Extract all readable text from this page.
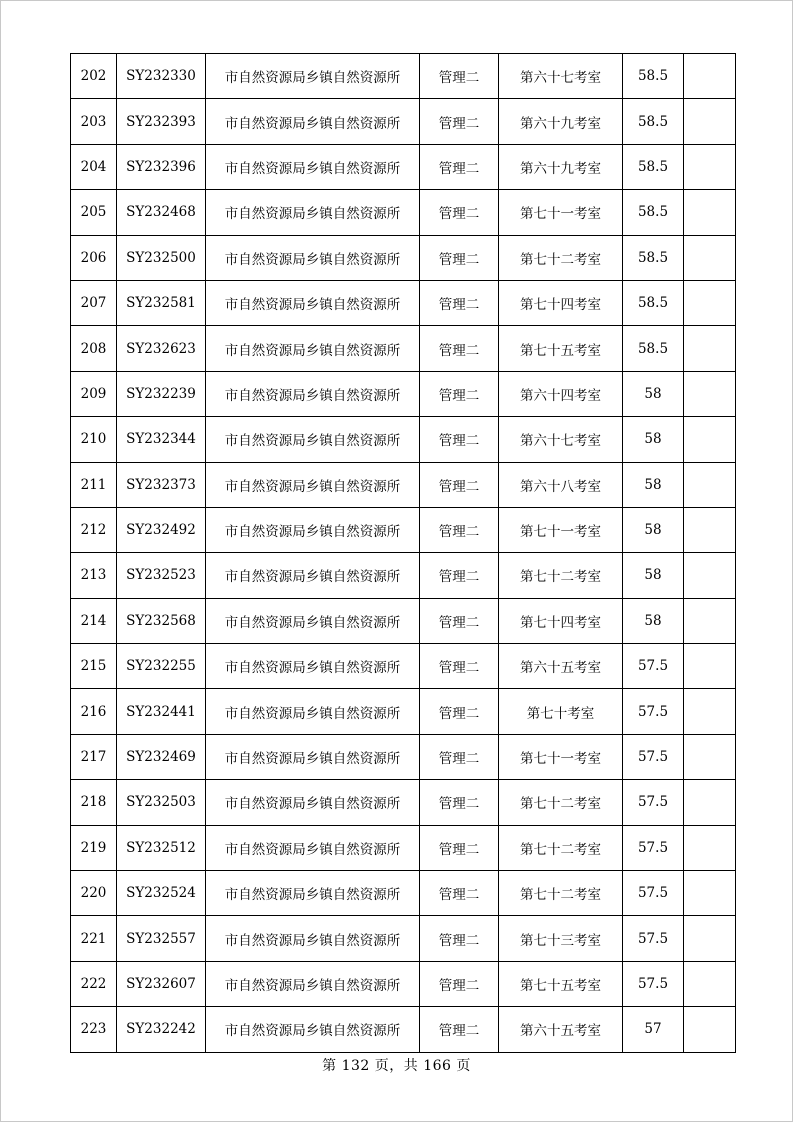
202	SY232330	市自然资源局乡镇自然资源所	管理二	第六十七考室	58.5	
203	SY232393	市自然资源局乡镇自然资源所	管理二	第六十九考室	58.5	
204	SY232396	市自然资源局乡镇自然资源所	管理二	第六十九考室	58.5	
205	SY232468	市自然资源局乡镇自然资源所	管理二	第七十一考室	58.5	
206	SY232500	市自然资源局乡镇自然资源所	管理二	第七十二考室	58.5	
207	SY232581	市自然资源局乡镇自然资源所	管理二	第七十四考室	58.5	
208	SY232623	市自然资源局乡镇自然资源所	管理二	第七十五考室	58.5	
209	SY232239	市自然资源局乡镇自然资源所	管理二	第六十四考室	58	
210	SY232344	市自然资源局乡镇自然资源所	管理二	第六十七考室	58	
211	SY232373	市自然资源局乡镇自然资源所	管理二	第六十八考室	58	
212	SY232492	市自然资源局乡镇自然资源所	管理二	第七十一考室	58	
213	SY232523	市自然资源局乡镇自然资源所	管理二	第七十二考室	58	
214	SY232568	市自然资源局乡镇自然资源所	管理二	第七十四考室	58	
215	SY232255	市自然资源局乡镇自然资源所	管理二	第六十五考室	57.5	
216	SY232441	市自然资源局乡镇自然资源所	管理二	第七十考室	57.5	
217	SY232469	市自然资源局乡镇自然资源所	管理二	第七十一考室	57.5	
218	SY232503	市自然资源局乡镇自然资源所	管理二	第七十二考室	57.5	
219	SY232512	市自然资源局乡镇自然资源所	管理二	第七十二考室	57.5	
220	SY232524	市自然资源局乡镇自然资源所	管理二	第七十二考室	57.5	
221	SY232557	市自然资源局乡镇自然资源所	管理二	第七十三考室	57.5	
222	SY232607	市自然资源局乡镇自然资源所	管理二	第七十五考室	57.5	
223	SY232242	市自然资源局乡镇自然资源所	管理二	第六十五考室	57	
第 132 页，共 166 页
